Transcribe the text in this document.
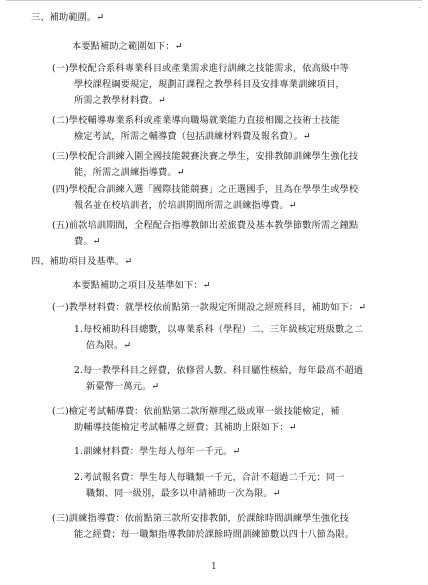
·
三、補助範圍。↵
本要點補助之範圍如下：↵
(一)學校配合系科專業科目或產業需求進行訓練之技能需求，依高級中等
學校課程綱要規定，規劃訂課程之教學科目及安排專業訓練項目，
所需之教學材料費。↵
(二)學校輔導專業系科或產業導向職場就業能力直接相關之技術士技能
檢定考試，所需之輔導費（包括訓練材料費及報名費）。↵
(三)學校配合訓練入圍全國技能競賽決賽之學生，安排教師訓練學生強化技
能，所需之訓練指導費。↵
(四)學校配合訓練入選「國際技能競賽」之正選國手，且為在學學生或學校
報名並在校培訓者，於培訓期間所需之訓練指導費。↵
(五)前款培訓期間，全程配合指導教師出差旅費及基本教學節數所需之鐘點
費。↵
四、補助項目及基準。↵
本要點補助之項目及基準如下：↵
(一)教學材料費：就學校依前點第一款規定所開設之經班科目，補助如下：↵
1.每校補助科目總數，以專業系科（學程）二、三年級核定班級數之二
倍為限。↵
2.每一教學科目之經費，依修習人數、科目屬性核給，每年最高不超過
新臺幣一萬元。↵
(二)檢定考試輔導費：依前點第二款所辦理乙級或單一級技能檢定，補
助輔導技能檢定考試輔導之經費；其補助上限如下：↵
1.訓練材料費：學生每人每年一千元。↵
2.考試報名費：學生每人每職類一千元，合計不超過二千元；同一
職類、同一級別，最多以申請補助一次為限。↵
(三)訓練指導費：依前點第三款所安排教師，於課餘時間訓練學生強化技
能之經費；每一職類指導教師於課餘時間訓練節數以四十八節為限。
1
